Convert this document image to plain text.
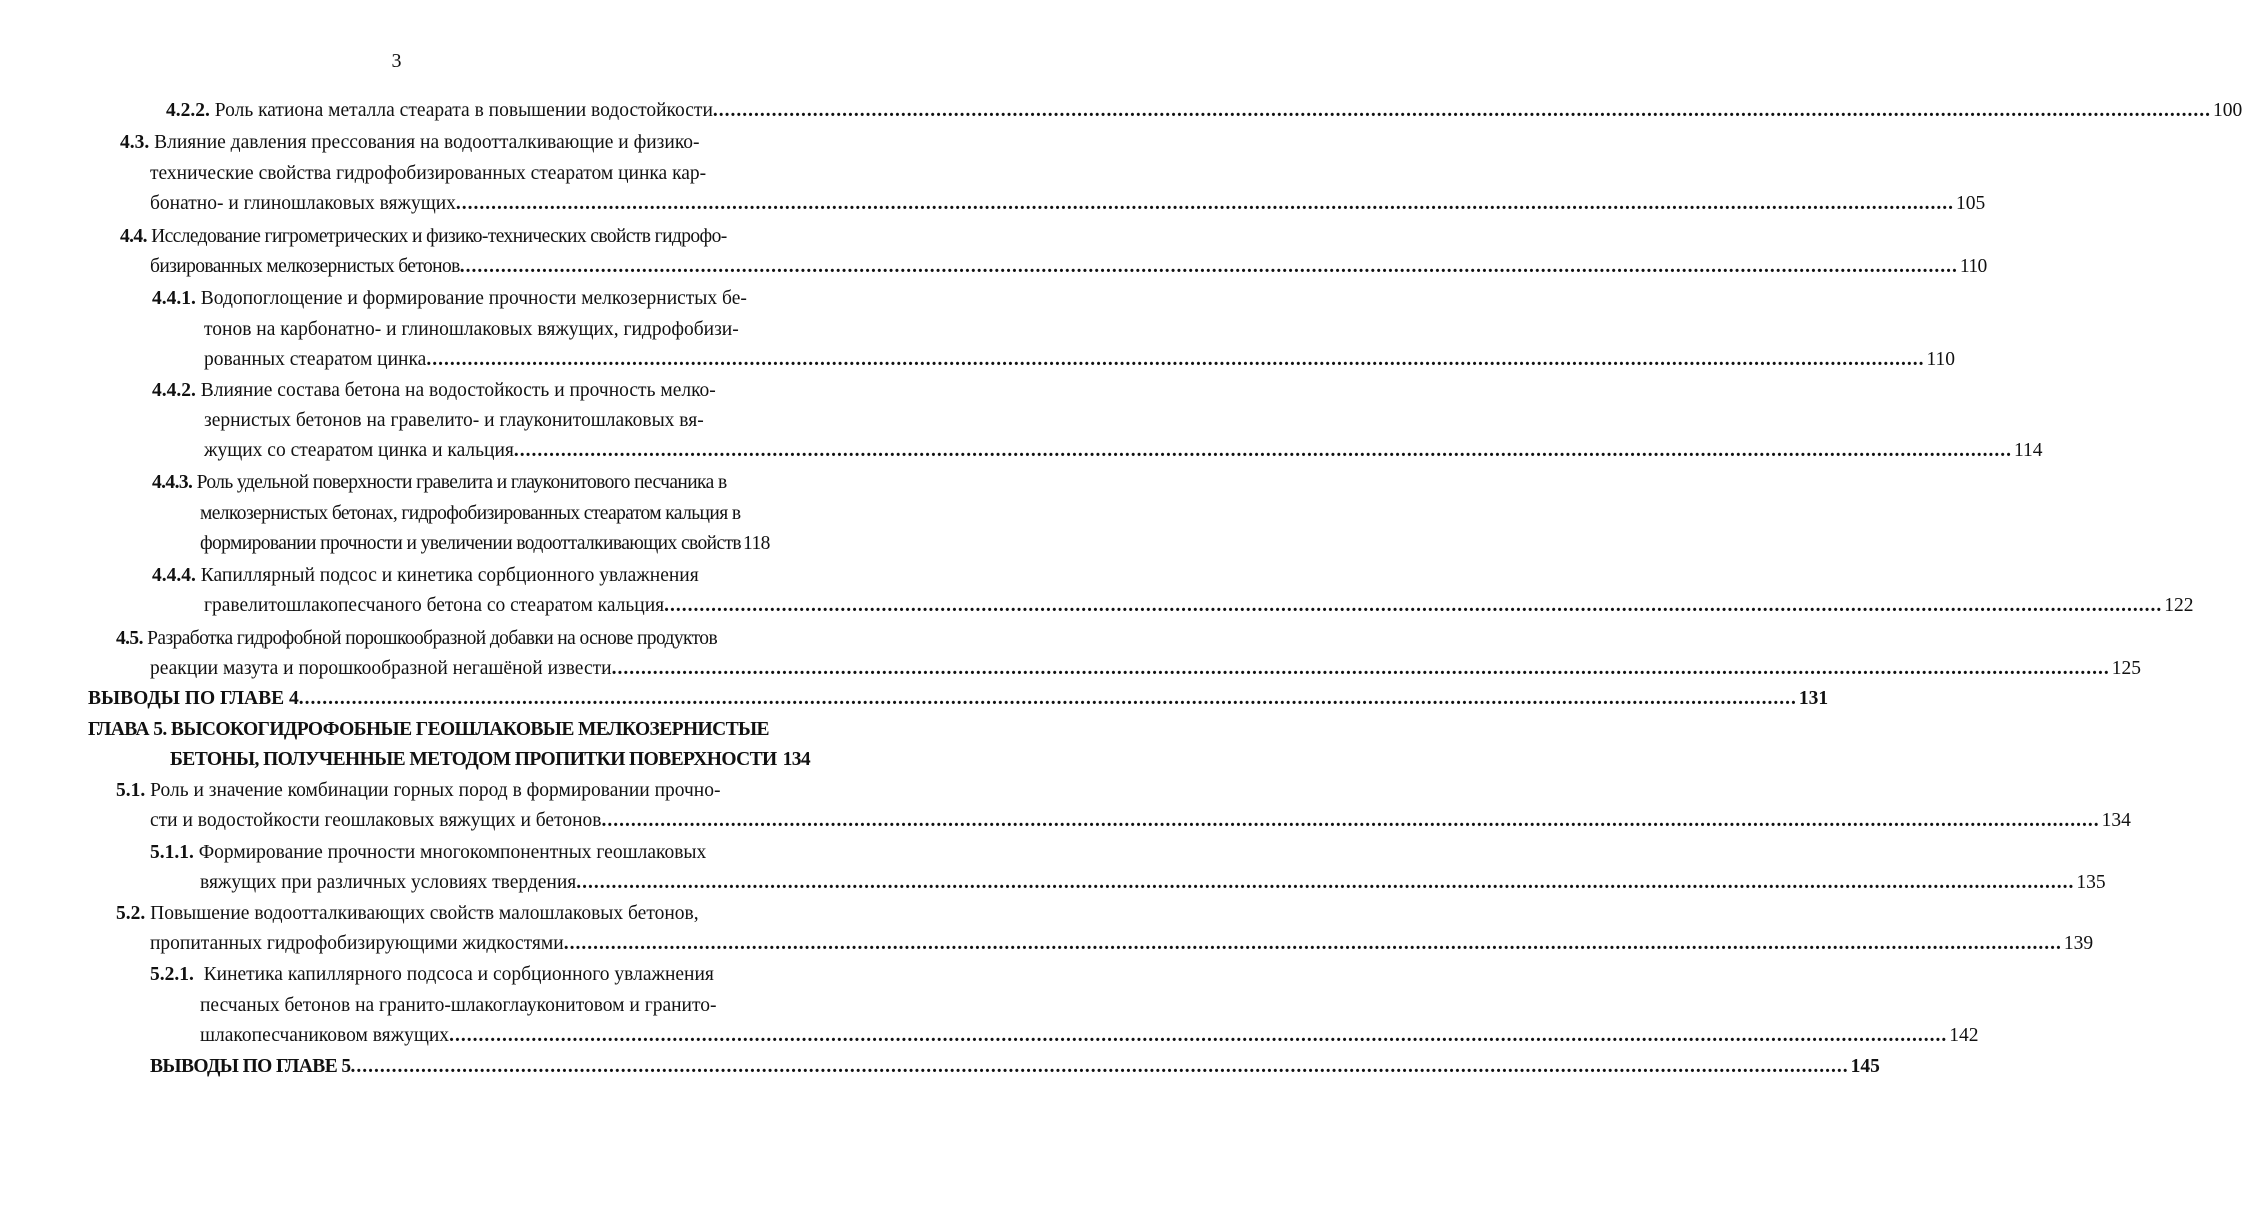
3
4.2.2. Роль катиона металла стеарата в повышении водостойкости .....	100
4.3. Влияние давления прессования на водоотталкивающие и физико-
технические свойства гидрофобизированных стеаратом цинка кар-
бонатно- и глиношлаковых вяжущих .....	105
4.4. Исследование гигрометрических и физико-технических свойств гидрофо-
бизированных мелкозернистых бетонов .....	110
4.4.1. Водопоглощение и формирование прочности мелкозернистых бе-
тонов на карбонатно- и глиношлаковых вяжущих, гидрофобизи-
рованных стеаратом цинка .....	110
4.4.2. Влияние состава бетона на водостойкость и прочность мелко-
зернистых бетонов на гравелито- и глауконитошлаковых вя-
жущих со стеаратом цинка и кальция .....	114
4.4.3. Роль удельной поверхности гравелита и глауконитового песчаника в
мелкозернистых бетонах, гидрофобизированных стеаратом кальция в
формировании прочности и увеличении водоотталкивающих свойств 118
4.4.4. Капиллярный подсос и кинетика сорбционного увлажнения
гравелитошлакопесчаного бетона со стеаратом кальция .....	122
4.5. Разработка гидрофобной порошкообразной добавки на основе продуктов
реакции мазута и порошкообразной негашёной извести .....	125
ВЫВОДЫ ПО ГЛАВЕ 4 .....	131
ГЛАВА 5. ВЫСОКОГИДРОФОБНЫЕ ГЕОШЛАКОВЫЕ МЕЛКОЗЕРНИСТЫЕ
БЕТОНЫ, ПОЛУЧЕННЫЕ МЕТОДОМ ПРОПИТКИ ПОВЕРХНОСТИ 134
5.1. Роль и значение комбинации горных пород в формировании прочно-
сти и водостойкости геошлаковых вяжущих и бетонов .....	134
5.1.1. Формирование прочности многокомпонентных геошлаковых
вяжущих при различных условиях твердения .....	135
5.2. Повышение водоотталкивающих свойств малошлаковых бетонов,
пропитанных гидрофобизирующими жидкостями .....	139
5.2.1. Кинетика капиллярного подсоса и сорбционного увлажнения
песчаных бетонов на гранито-шлакоглауконитовом и гранито-
шлакопесчаниковом вяжущих .....	142
ВЫВОДЫ ПО ГЛАВЕ 5 .....	145
